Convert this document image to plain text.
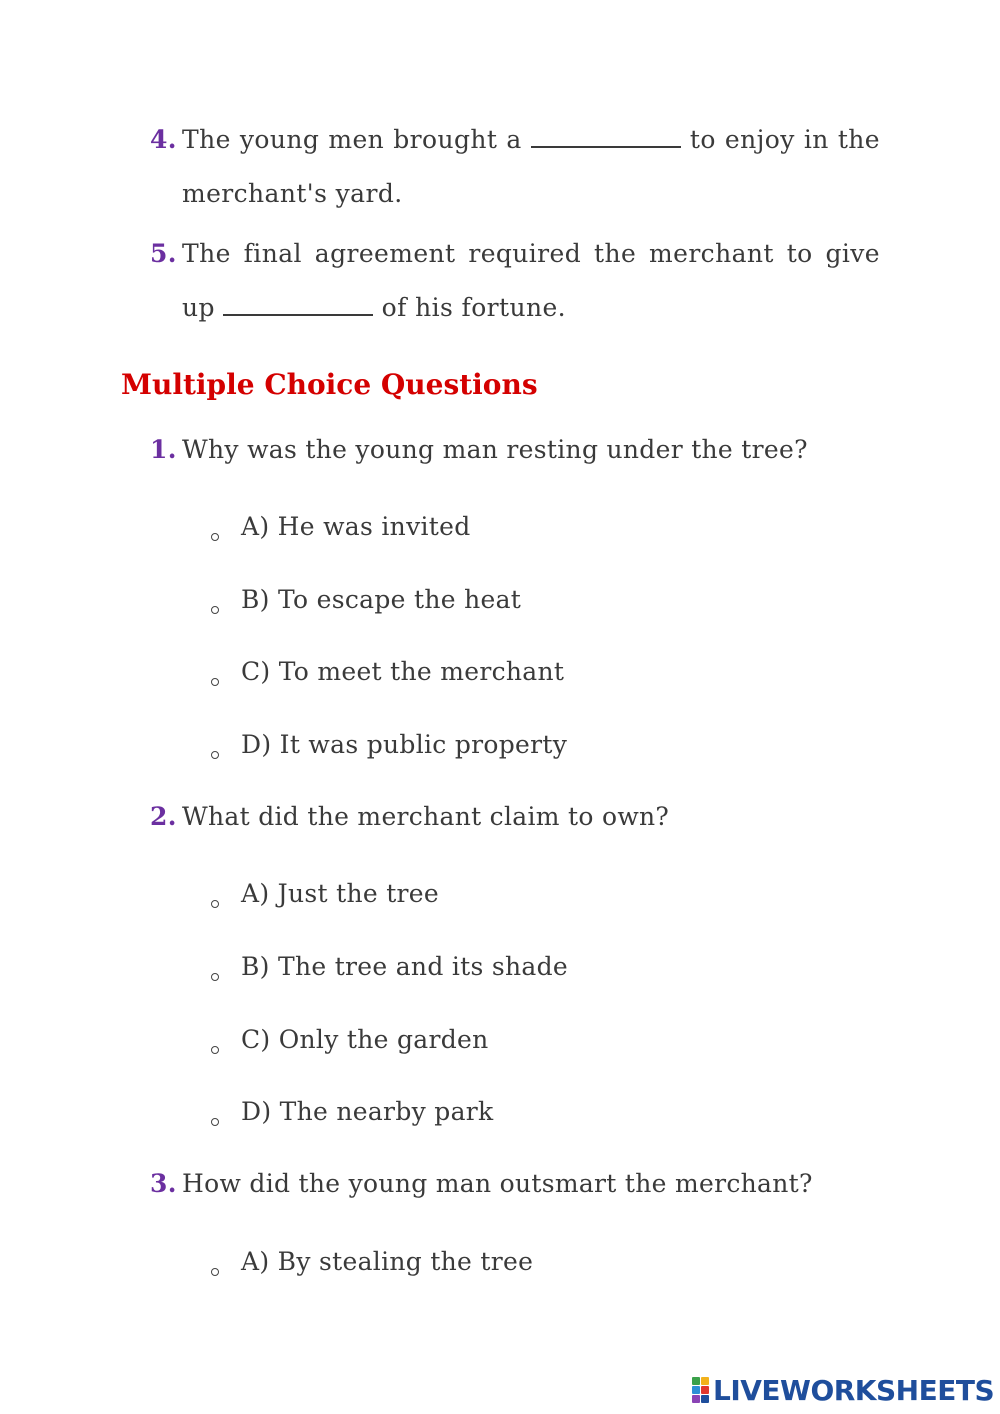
4. The young men brought a	to enjoy in the merchant's yard.
5. The final agreement required the merchant to give up	of his fortune.
Multiple Choice Questions
1. Why was the young man resting under the tree?
A) He was invited
B) To escape the heat
C) To meet the merchant
D) It was public property
2. What did the merchant claim to own?
A) Just the tree
B) The tree and its shade
C) Only the garden
D) The nearby park
3. How did the young man outsmart the merchant?
A) By stealing the tree
LIVEWORKSHEETS
